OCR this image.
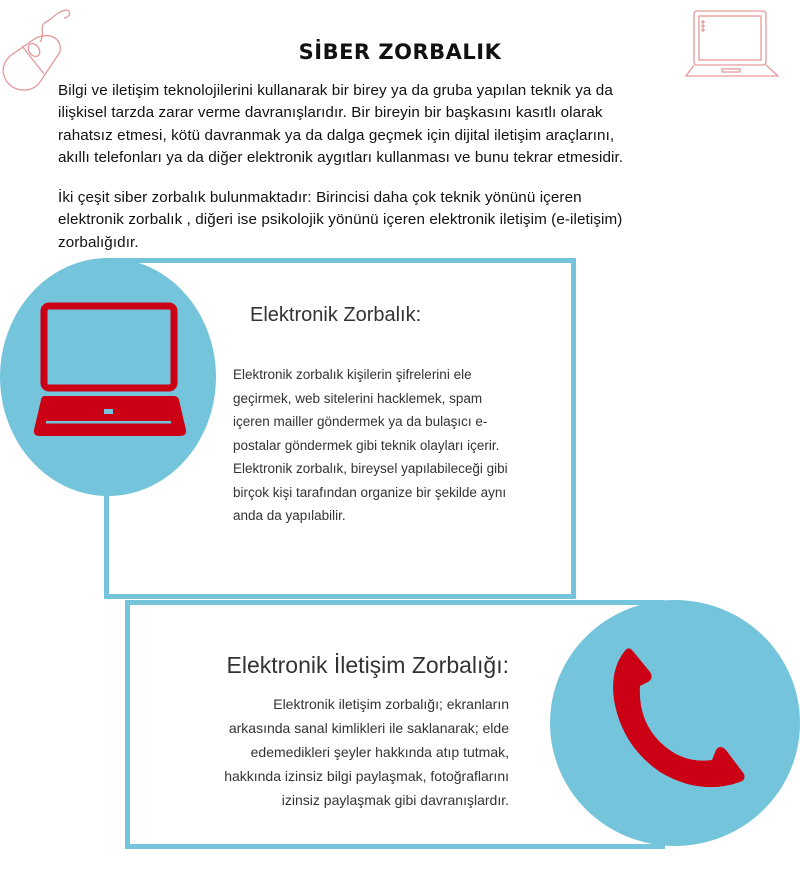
SİBER ZORBALIK
Bilgi ve iletişim teknolojilerini kullanarak bir birey ya da gruba yapılan teknik ya da
ilişkisel tarzda zarar verme davranışlarıdır. Bir bireyin bir başkasını kasıtlı olarak
rahatsız etmesi, kötü davranmak ya da dalga geçmek için dijital iletişim araçlarını,
akıllı telefonları ya da diğer elektronik aygıtları kullanması ve bunu tekrar etmesidir.
İki çeşit siber zorbalık bulunmaktadır: Birincisi daha çok teknik yönünü içeren
elektronik zorbalık , diğeri ise psikolojik yönünü içeren elektronik iletişim (e-iletişim)
zorbalığıdır.
Elektronik Zorbalık:
Elektronik zorbalık kişilerin şifrelerini ele
geçirmek, web sitelerini hacklemek, spam
içeren mailler göndermek ya da bulaşıcı e-
postalar göndermek gibi teknik olayları içerir.
Elektronik zorbalık, bireysel yapılabileceği gibi
birçok kişi tarafından organize bir şekilde aynı
anda da yapılabilir.
Elektronik İletişim Zorbalığı:
Elektronik iletişim zorbalığı; ekranların
arkasında sanal kimlikleri ile saklanarak; elde
edemedikleri şeyler hakkında atıp tutmak,
hakkında izinsiz bilgi paylaşmak, fotoğraflarını
izinsiz paylaşmak gibi davranışlardır.
